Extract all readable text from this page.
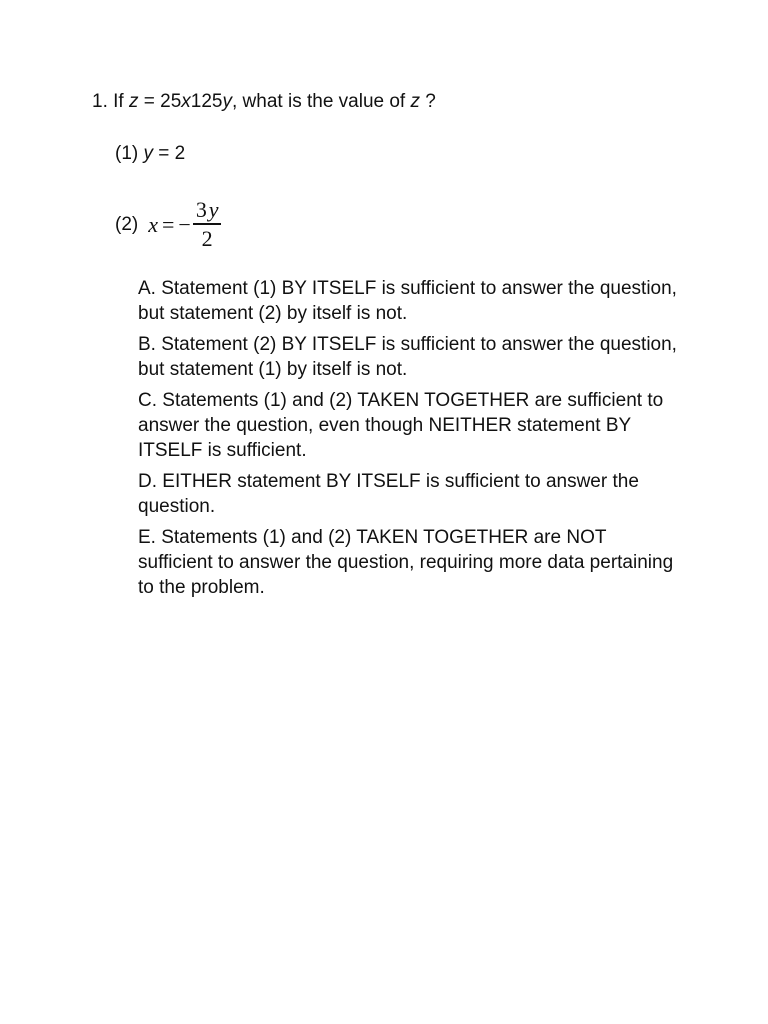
1. If z = 25x125y, what is the value of z ?
(1) y = 2
(2) x = − $\frac{3 y}{2}$
A. Statement (1) BY ITSELF is sufficient to answer the question, but statement (2) by itself is not.
B. Statement (2) BY ITSELF is sufficient to answer the question, but statement (1) by itself is not.
C. Statements (1) and (2) TAKEN TOGETHER are sufficient to answer the question, even though NEITHER statement BY ITSELF is sufficient.
D. EITHER statement BY ITSELF is sufficient to answer the question.
E. Statements (1) and (2) TAKEN TOGETHER are NOT sufficient to answer the question, requiring more data pertaining to the problem.
